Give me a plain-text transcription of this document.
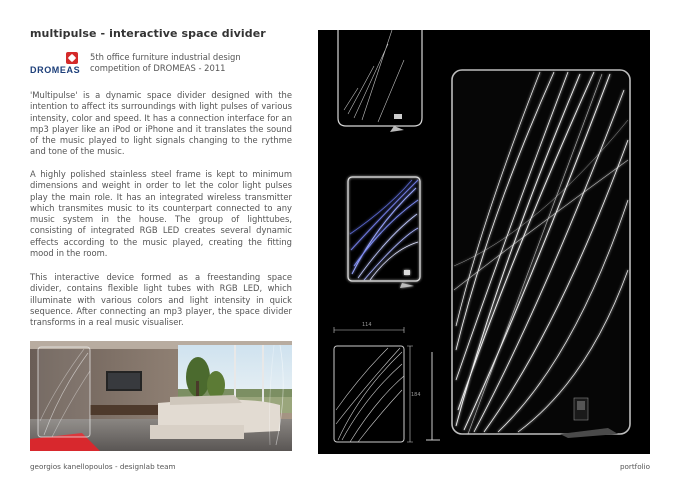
multipulse - interactive space divider
DROMEAS
5th office furniture industrial design
competition of DROMEAS - 2011

'Multipulse' is a dynamic space divider designed with the intention to affect its surroundings with light pulses of various intensity, color and speed. It has a connection interface for an mp3 player like an iPod or iPhone and it translates the sound of the music played to light signals changing to the rythme and tone of the music.

A highly polished stainless steel frame is kept to minimum dimensions and weight in order to let the color light pulses play the main role. It has an integrated wireless transmitter which transmites music to its counterpart connected to any music system in the house. The group of lighttubes, consisting of integrated RGB LED creates several dynamic effects according to the music played, creating the fitting mood in the room.

This interactive device formed as a freestanding space divider, contains flexible light tubes with RGB LED, which illuminate with various colors and light intensity in quick sequence. After connecting an mp3 player, the space divider transforms in a real music visualiser.	114
184
georgios kanellopoulos - designlab team	portfolio
